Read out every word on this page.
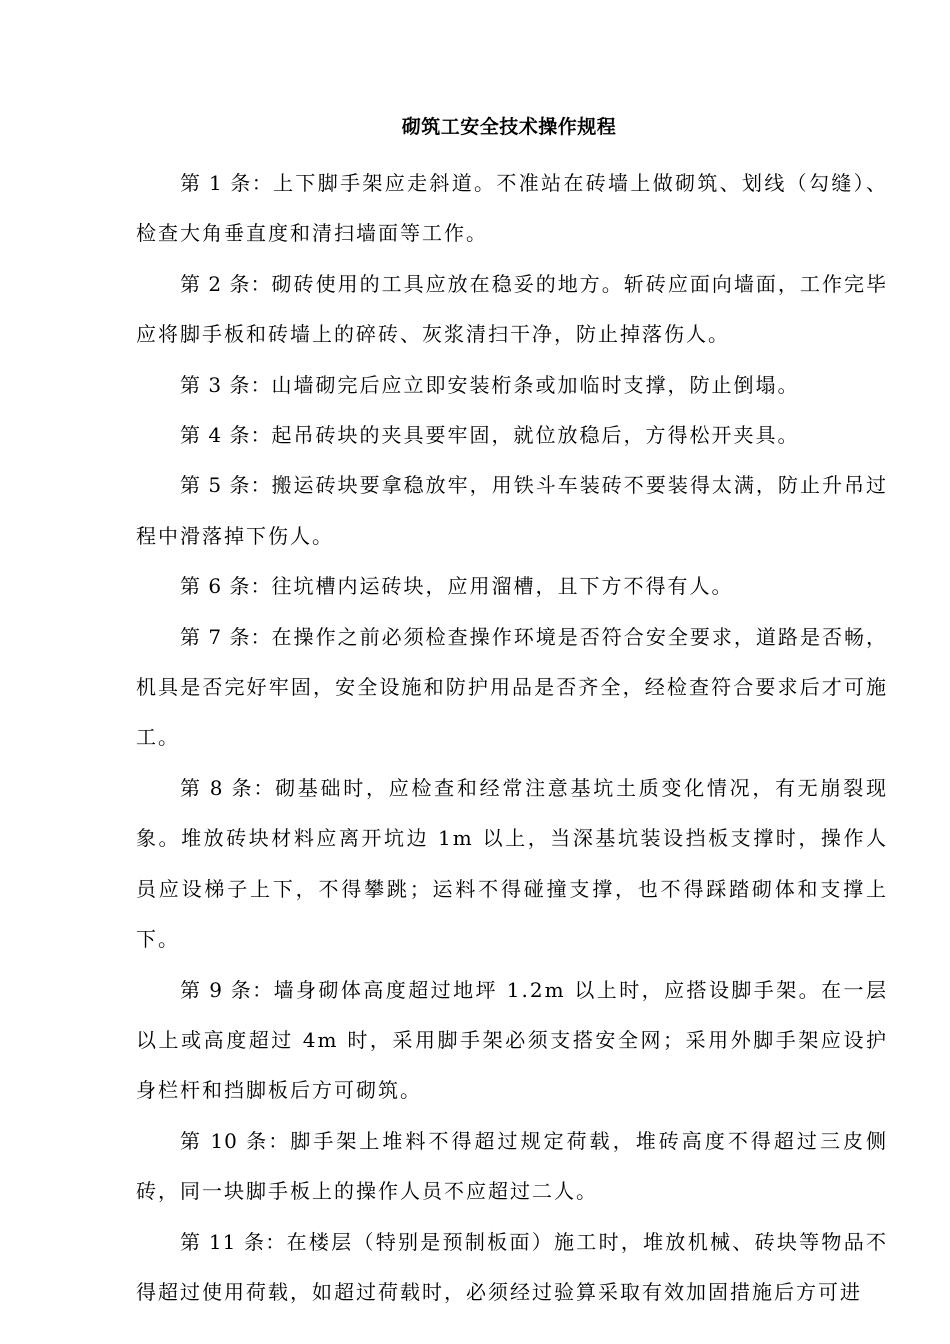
砌筑工安全技术操作规程

第 1 条：上下脚手架应走斜道。不准站在砖墙上做砌筑、划线（勾缝）、检查大角垂直度和清扫墙面等工作。

第 2 条：砌砖使用的工具应放在稳妥的地方。斩砖应面向墙面，工作完毕应将脚手板和砖墙上的碎砖、灰浆清扫干净，防止掉落伤人。

第 3 条：山墙砌完后应立即安装桁条或加临时支撑，防止倒塌。

第 4 条：起吊砖块的夹具要牢固，就位放稳后，方得松开夹具。

第 5 条：搬运砖块要拿稳放牢，用铁斗车装砖不要装得太满，防止升吊过程中滑落掉下伤人。

第 6 条：往坑槽内运砖块，应用溜槽，且下方不得有人。

第 7 条：在操作之前必须检查操作环境是否符合安全要求，道路是否畅，机具是否完好牢固，安全设施和防护用品是否齐全，经检查符合要求后才可施工。

第 8 条：砌基础时，应检查和经常注意基坑土质变化情况，有无崩裂现象。堆放砖块材料应离开坑边 1m 以上，当深基坑装设挡板支撑时，操作人员应设梯子上下，不得攀跳；运料不得碰撞支撑，也不得踩踏砌体和支撑上下。

第 9 条：墙身砌体高度超过地坪 1.2m 以上时，应搭设脚手架。在一层以上或高度超过 4m 时，采用脚手架必须支搭安全网；采用外脚手架应设护身栏杆和挡脚板后方可砌筑。

第 10 条：脚手架上堆料不得超过规定荷载，堆砖高度不得超过三皮侧砖，同一块脚手板上的操作人员不应超过二人。

第 11 条：在楼层（特别是预制板面）施工时，堆放机械、砖块等物品不得超过使用荷载，如超过荷载时，必须经过验算采取有效加固措施后方可进
